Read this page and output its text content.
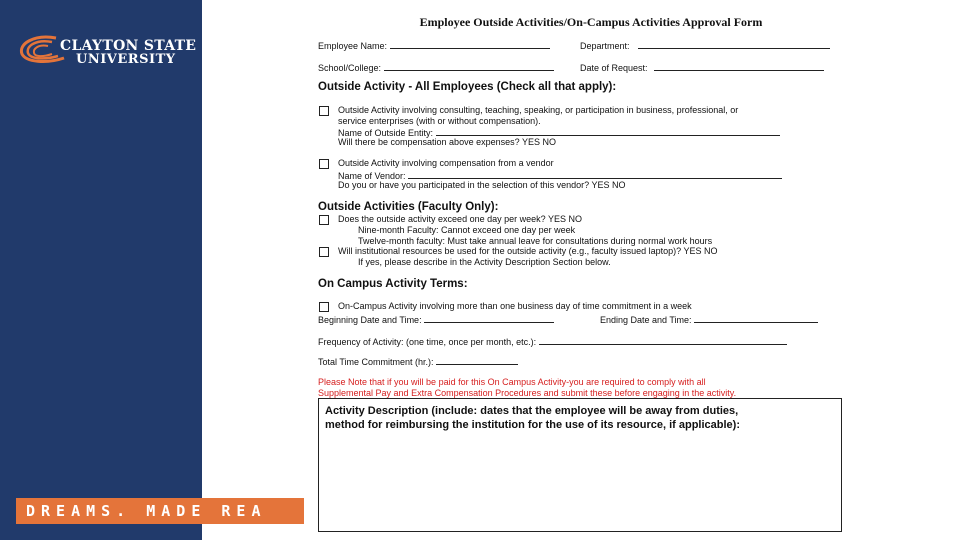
CLAYTON STATE
UNIVERSITY
DREAMS. MADE REA
Employee Outside Activities/On-Campus Activities Approval Form
Employee Name:	Department:
School/College:	Date of Request:
Outside Activity - All Employees (Check all that apply):
Outside Activity involving consulting, teaching, speaking, or participation in business, professional, or
service enterprises (with or without compensation).
Name of Outside Entity:
Will there be compensation above expenses? YES NO
Outside Activity involving compensation from a vendor
Name of Vendor:
Do you or have you participated in the selection of this vendor? YES NO
Outside Activities (Faculty Only):
Does the outside activity exceed one day per week? YES NO
Nine-month Faculty: Cannot exceed one day per week
Twelve-month faculty: Must take annual leave for consultations during normal work hours
Will institutional resources be used for the outside activity (e.g., faculty issued laptop)? YES NO
If yes, please describe in the Activity Description Section below.
On Campus Activity Terms:
On-Campus Activity involving more than one business day of time commitment in a week
Beginning Date and Time:	Ending Date and Time:
Frequency of Activity: (one time, once per month, etc.):
Total Time Commitment (hr.):
Please Note that if you will be paid for this On Campus Activity-you are required to comply with all
Supplemental Pay and Extra Compensation Procedures and submit these before engaging in the activity.
Activity Description (include: dates that the employee will be away from duties,
method for reimbursing the institution for the use of its resource, if applicable):
